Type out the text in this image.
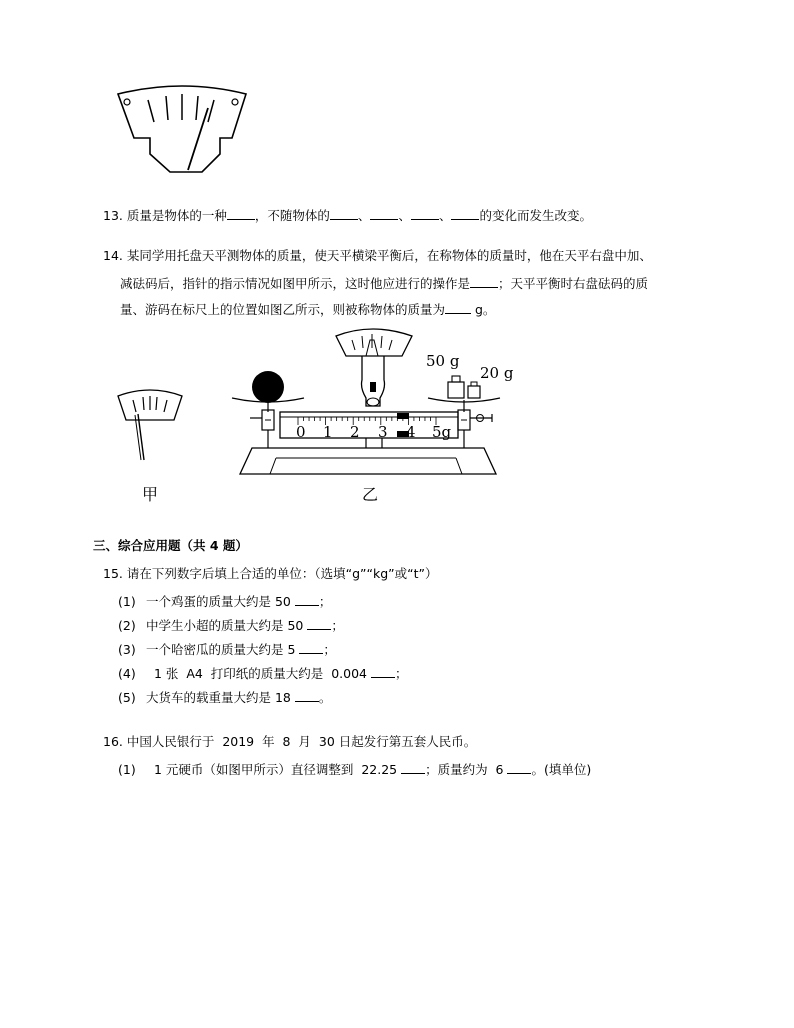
13. 质量是物体的一种 ，不随物体的 、 、 、 的变化而发生改变。
14. 某同学用托盘天平测物体的质量，使天平横梁平衡后，在称物体的质量时，他在天平右盘中加、
减砝码后，指针的指示情况如图甲所示，这时他应进行的操作是 ；天平平衡时右盘砝码的质
量、游码在标尺上的位置如图乙所示，则被称物体的质量为 g。
50 g
20 g
0 1 2 3 4 5g
甲	乙
三、综合应用题（共 4 题）
15. 请在下列数字后填上合适的单位：（选填“g”“kg”或“t”）
(1) 一个鸡蛋的质量大约是 50 ；
(2) 中学生小超的质量大约是 50 ；
(3) 一个哈密瓜的质量大约是 5 ；
(4)  1 张  A4  打印纸的质量大约是  0.004 ；
(5) 大货车的载重量大约是 18 。
16. 中国人民银行于  2019  年  8  月  30 日起发行第五套人民币。
(1)  1 元硬币（如图甲所示）直径调整到  22.25 ；质量约为  6 。(填单位)
